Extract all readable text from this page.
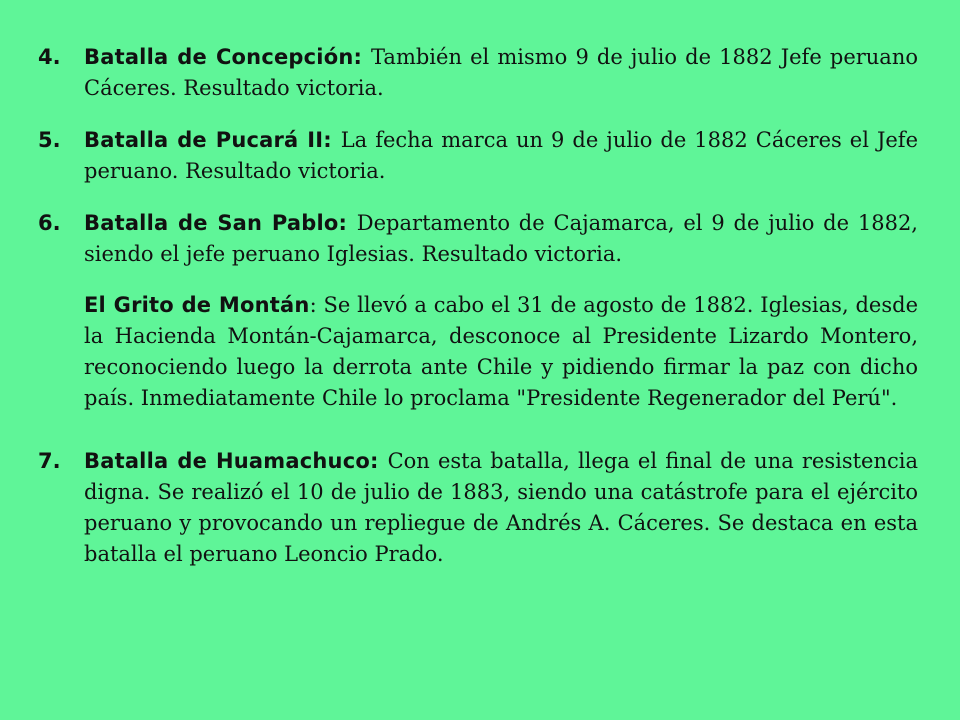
4.	Batalla de Concepción: También el mismo 9 de julio de 1882 Jefe peruano Cáceres. Resultado victoria.
5.	Batalla de Pucará II: La fecha marca un 9 de julio de 1882 Cáceres el Jefe peruano. Resultado victoria.
6.	Batalla de San Pablo: Departamento de Cajamarca, el 9 de julio de 1882, siendo el jefe peruano Iglesias. Resultado victoria.
El Grito de Montán: Se llevó a cabo el 31 de agosto de 1882. Iglesias, desde la Hacienda Montán-Cajamarca, desconoce al Presidente Lizardo Montero, reconociendo luego la derrota ante Chile y pidiendo firmar la paz con dicho país. Inmediatamente Chile lo proclama "Presidente Regenerador del Perú".
7.	Batalla de Huamachuco: Con esta batalla, llega el final de una resistencia digna. Se realizó el 10 de julio de 1883, siendo una catástrofe para el ejército peruano y provocando un repliegue de Andrés A. Cáceres. Se destaca en esta batalla el peruano Leoncio Prado.
